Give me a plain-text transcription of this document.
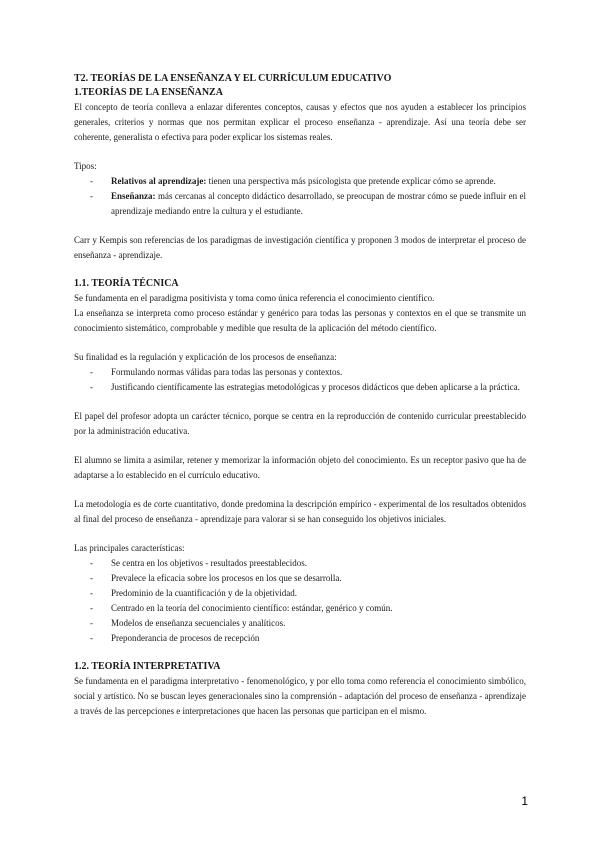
T2. TEORÍAS DE LA ENSEÑANZA Y EL CURRÍCULUM EDUCATIVO

1.TEORÍAS DE LA ENSEÑANZA

El concepto de teoría conlleva a enlazar diferentes conceptos, causas y efectos que nos ayuden a establecer los principios generales, criterios y normas que nos permitan explicar el proceso enseñanza - aprendizaje. Así una teoría debe ser coherente, generalista o efectiva para poder explicar los sistemas reales.

Tipos:

- Relativos al aprendizaje: tienen una perspectiva más psicologista que pretende explicar cómo se aprende.
- Enseñanza: más cercanas al concepto didáctico desarrollado, se preocupan de mostrar cómo se puede influir en el aprendizaje mediando entre la cultura y el estudiante.

Carr y Kempis son referencias de los paradigmas de investigación científica y proponen 3 modos de interpretar el proceso de enseñanza - aprendizaje.

1.1. TEORÍA TÉCNICA

Se fundamenta en el paradigma positivista y toma como única referencia el conocimiento científico.

La enseñanza se interpreta como proceso estándar y genérico para todas las personas y contextos en el que se transmite un conocimiento sistemático, comprobable y medible que resulta de la aplicación del método científico.

Su finalidad es la regulación y explicación de los procesos de enseñanza:

- Formulando normas válidas para todas las personas y contextos.
- Justificando científicamente las estrategias metodológicas y procesos didácticos que deben aplicarse a la práctica.

El papel del profesor adopta un carácter técnico, porque se centra en la reproducción de contenido curricular preestablecido por la administración educativa.

El alumno se limita a asimilar, retener y memorizar la información objeto del conocimiento. Es un receptor pasivo que ha de adaptarse a lo establecido en el currículo educativo.

La metodología es de corte cuantitativo, donde predomina la descripción empírico - experimental de los resultados obtenidos al final del proceso de enseñanza - aprendizaje para valorar si se han conseguido los objetivos iniciales.

Las principales características:

- Se centra en los objetivos - resultados preestablecidos.
- Prevalece la eficacia sobre los procesos en los que se desarrolla.
- Predominio de la cuantificación y de la objetividad.
- Centrado en la teoría del conocimiento científico: estándar, genérico y común.
- Modelos de enseñanza secuenciales y analíticos.
- Preponderancia de procesos de recepción

1.2. TEORÍA INTERPRETATIVA

Se fundamenta en el paradigma interpretativo - fenomenológico, y por ello toma como referencia el conocimiento simbólico, social y artístico. No se buscan leyes generacionales sino la comprensión - adaptación del proceso de enseñanza - aprendizaje a través de las percepciones e interpretaciones que hacen las personas que participan en el mismo.

1
